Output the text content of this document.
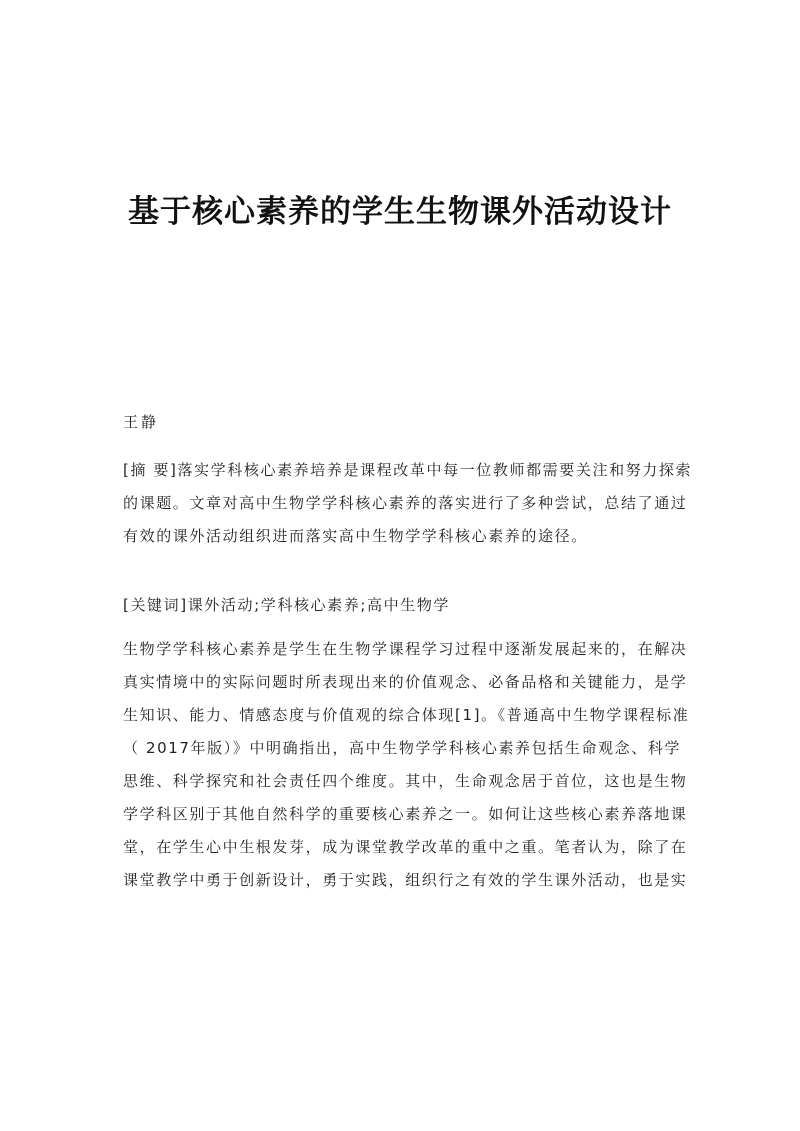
基于核心素养的学生生物课外活动设计
王静
[摘 要]落实学科核心素养培养是课程改革中每一位教师都需要关注和努力探索
的课题。文章对高中生物学学科核心素养的落实进行了多种尝试，总结了通过
有效的课外活动组织进而落实高中生物学学科核心素养的途径。
[关键词]课外活动;学科核心素养;高中生物学
生物学学科核心素养是学生在生物学课程学习过程中逐渐发展起来的，在解决
真实情境中的实际问题时所表现出来的价值观念、必备品格和关键能力，是学
生知识、能力、情感态度与价值观的综合体现[1]。《普通高中生物学课程标准
（ 2017年版）》中明确指出，高中生物学学科核心素养包括生命观念、科学
思维、科学探究和社会责任四个维度。其中，生命观念居于首位，这也是生物
学学科区别于其他自然科学的重要核心素养之一。如何让这些核心素养落地课
堂，在学生心中生根发芽，成为课堂教学改革的重中之重。笔者认为，除了在
课堂教学中勇于创新设计，勇于实践，组织行之有效的学生课外活动，也是实
